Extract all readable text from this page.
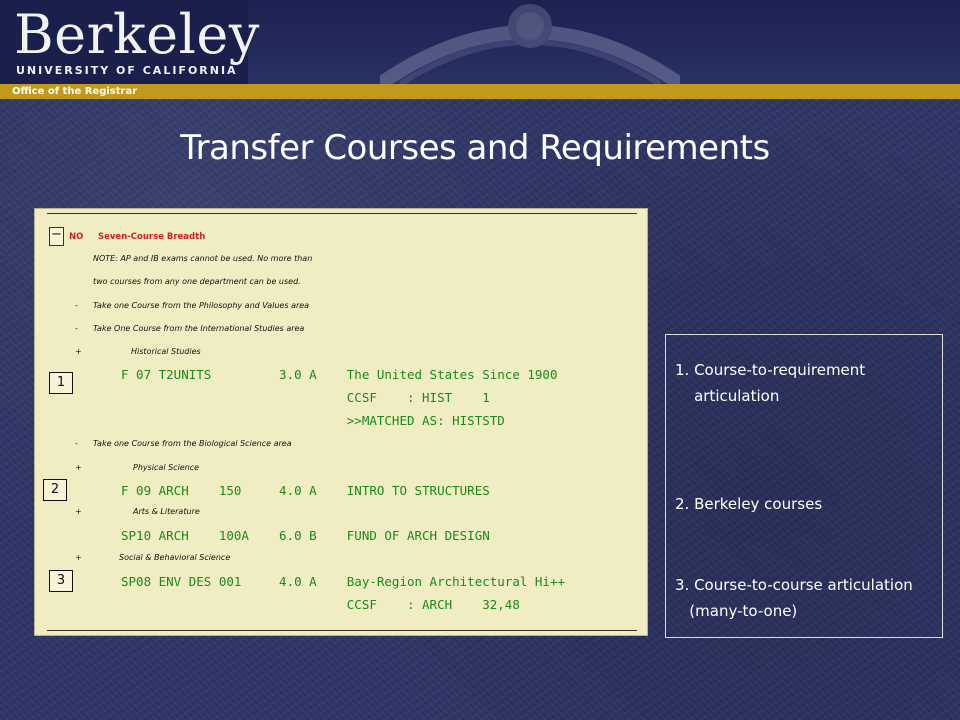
Berkeley
UNIVERSITY OF CALIFORNIA
Office of the Registrar
Transfer Courses and Requirements
− NO Seven-Course Breadth
NOTE: AP and IB exams cannot be used. No more than
two courses from any one department can be used.
- Take one Course from the Philosophy and Values area
- Take One Course from the International Studies area
+	Historical Studies
1
F 07 T2UNITS         3.0 A    The United States Since 1900
CCSF    : HIST    1
>>MATCHED AS: HISTSTD
- Take one Course from the Biological Science area
+	Physical Science
2	F 09 ARCH    150     4.0 A    INTRO TO STRUCTURES
+	Arts & Literature
SP10 ARCH    100A    6.0 B    FUND OF ARCH DESIGN
+	Social & Behavioral Science
3	SP08 ENV DES 001     4.0 A    Bay-Region Architectural Hi++
CCSF    : ARCH    32,48
1. Course-to-requirement
articulation
2. Berkeley courses
3. Course-to-course articulation
(many-to-one)
